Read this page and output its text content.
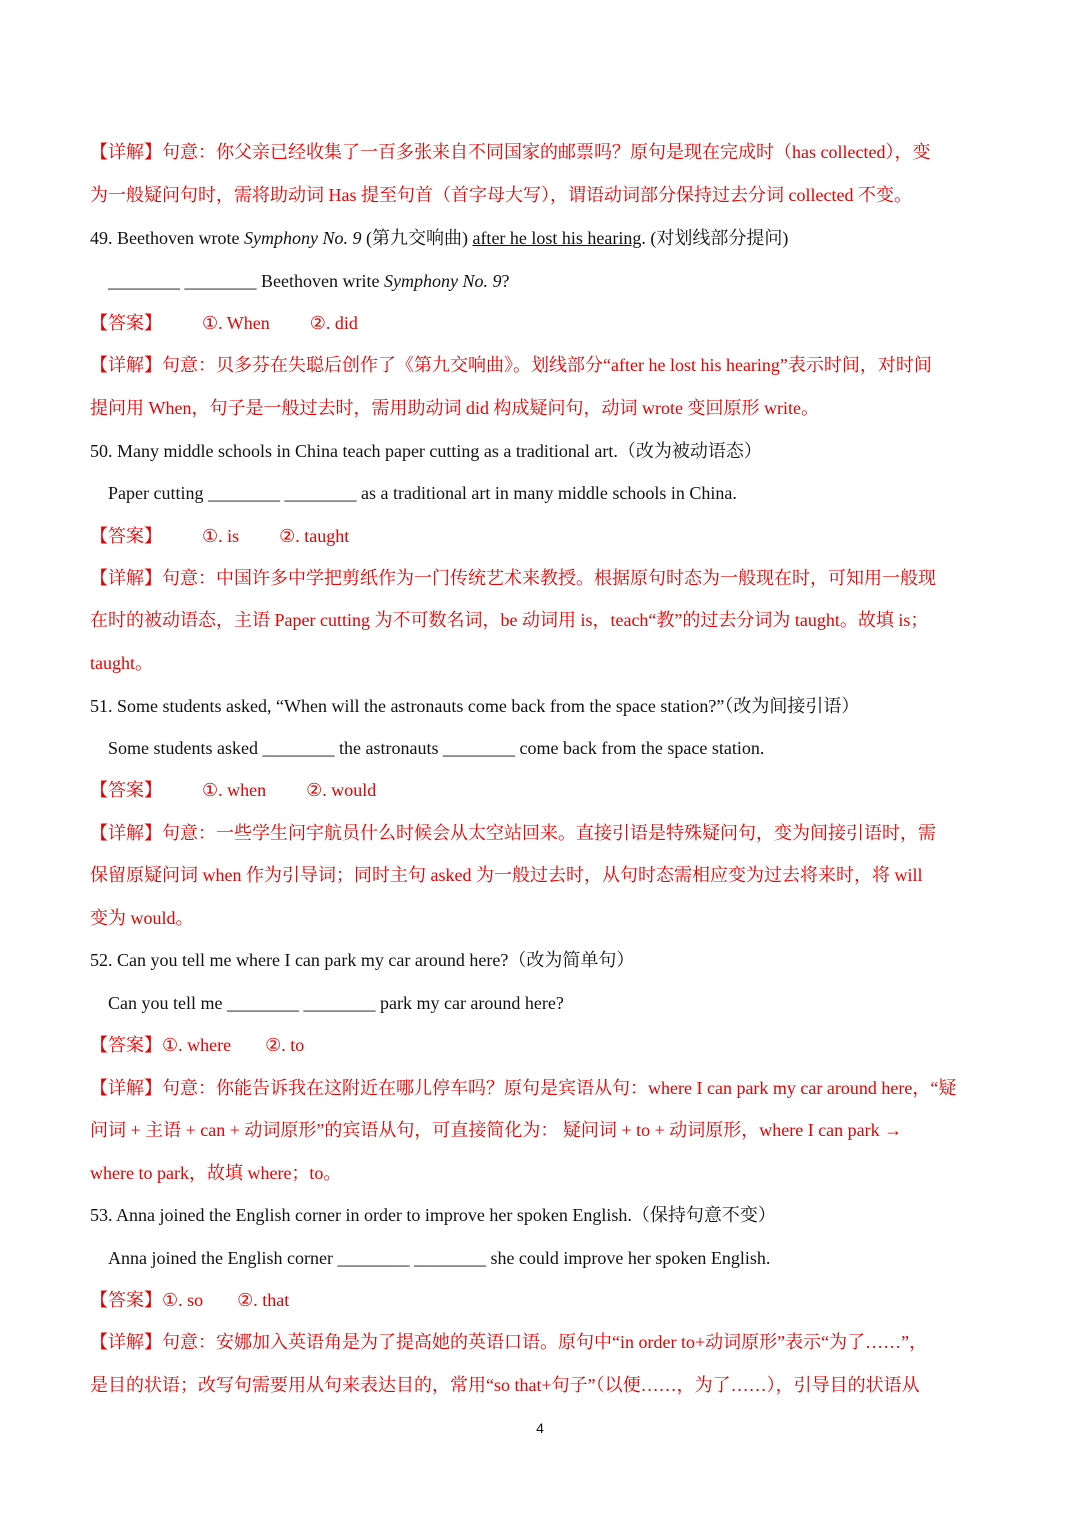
【详解】句意：你父亲已经收集了一百多张来自不同国家的邮票吗？原句是现在完成时（has collected），变
为一般疑问句时，需将助动词 Has 提至句首（首字母大写），谓语动词部分保持过去分词 collected 不变。
49. Beethoven wrote Symphony No. 9 (第九交响曲) after he lost his hearing. (对划线部分提问)
________ ________ Beethoven write Symphony No. 9?
【答案】 ①. When ②. did
【详解】句意：贝多芬在失聪后创作了《第九交响曲》。划线部分“after he lost his hearing”表示时间，对时间
提问用 When，句子是一般过去时，需用助动词 did 构成疑问句，动词 wrote 变回原形 write。
50. Many middle schools in China teach paper cutting as a traditional art.（改为被动语态）
Paper cutting ________ ________ as a traditional art in many middle schools in China.
【答案】 ①. is ②. taught
【详解】句意：中国许多中学把剪纸作为一门传统艺术来教授。根据原句时态为一般现在时，可知用一般现
在时的被动语态，主语 Paper cutting 为不可数名词，be 动词用 is，teach“教”的过去分词为 taught。故填 is；
taught。
51. Some students asked, “When will the astronauts come back from the space station?”（改为间接引语）
Some students asked ________ the astronauts ________ come back from the space station.
【答案】 ①. when ②. would
【详解】句意：一些学生问宇航员什么时候会从太空站回来。直接引语是特殊疑问句，变为间接引语时，需
保留原疑问词 when 作为引导词；同时主句 asked 为一般过去时，从句时态需相应变为过去将来时，将 will
变为 would。
52. Can you tell me where I can park my car around here?（改为简单句）
Can you tell me ________ ________ park my car around here?
【答案】①. where ②. to
【详解】句意：你能告诉我在这附近在哪儿停车吗？原句是宾语从句：where I can park my car around here，“疑
问词 + 主语 + can + 动词原形”的宾语从句，可直接简化为： 疑问词 + to + 动词原形，where I can park →
where to park，故填 where；to。
53. Anna joined the English corner in order to improve her spoken English.（保持句意不变）
Anna joined the English corner ________ ________ she could improve her spoken English.
【答案】①. so ②. that
【详解】句意：安娜加入英语角是为了提高她的英语口语。原句中“in order to+动词原形”表示“为了……”，
是目的状语；改写句需要用从句来表达目的，常用“so that+句子”（以便……，为了……），引导目的状语从
4
